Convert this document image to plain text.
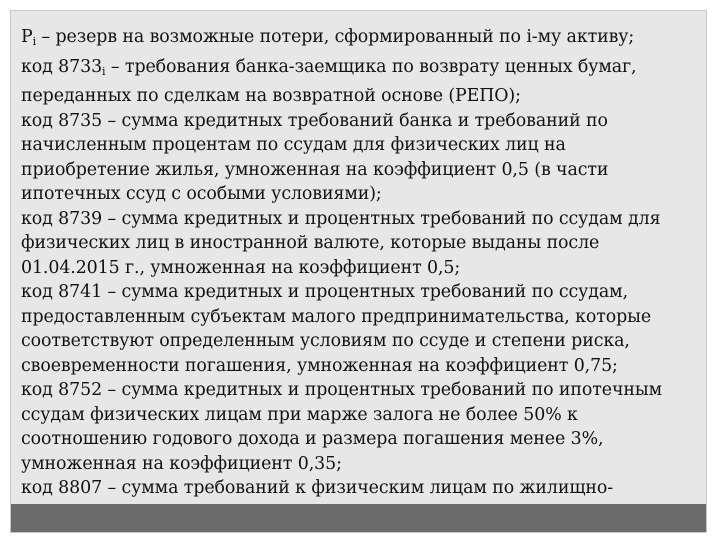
$P_i$ – резерв на возможные потери, сформированный по i-му активу;
код $8733_i$ – требования банка-заемщика по возврату ценных бумаг,
переданных по сделкам на возвратной основе (РЕПО);
код 8735 – сумма кредитных требований банка и требований по
начисленным процентам по ссудам для физических лиц на
приобретение жилья, умноженная на коэффициент 0,5 (в части
ипотечных ссуд с особыми условиями);
код 8739 – сумма кредитных и процентных требований по ссудам для
физических лиц в иностранной валюте, которые выданы после
01.04.2015 г., умноженная на коэффициент 0,5;
код 8741 – сумма кредитных и процентных требований по ссудам,
предоставленным субъектам малого предпринимательства, которые
соответствуют определенным условиям по ссуде и степени риска,
своевременности погашения, умноженная на коэффициент 0,75;
код 8752 – сумма кредитных и процентных требований по ипотечным
ссудам физических лицам при марже залога не более 50% к
соотношению годового дохода и размера погашения менее 3%,
умноженная на коэффициент 0,35;
код 8807 – сумма требований к физическим лицам по жилищно-
